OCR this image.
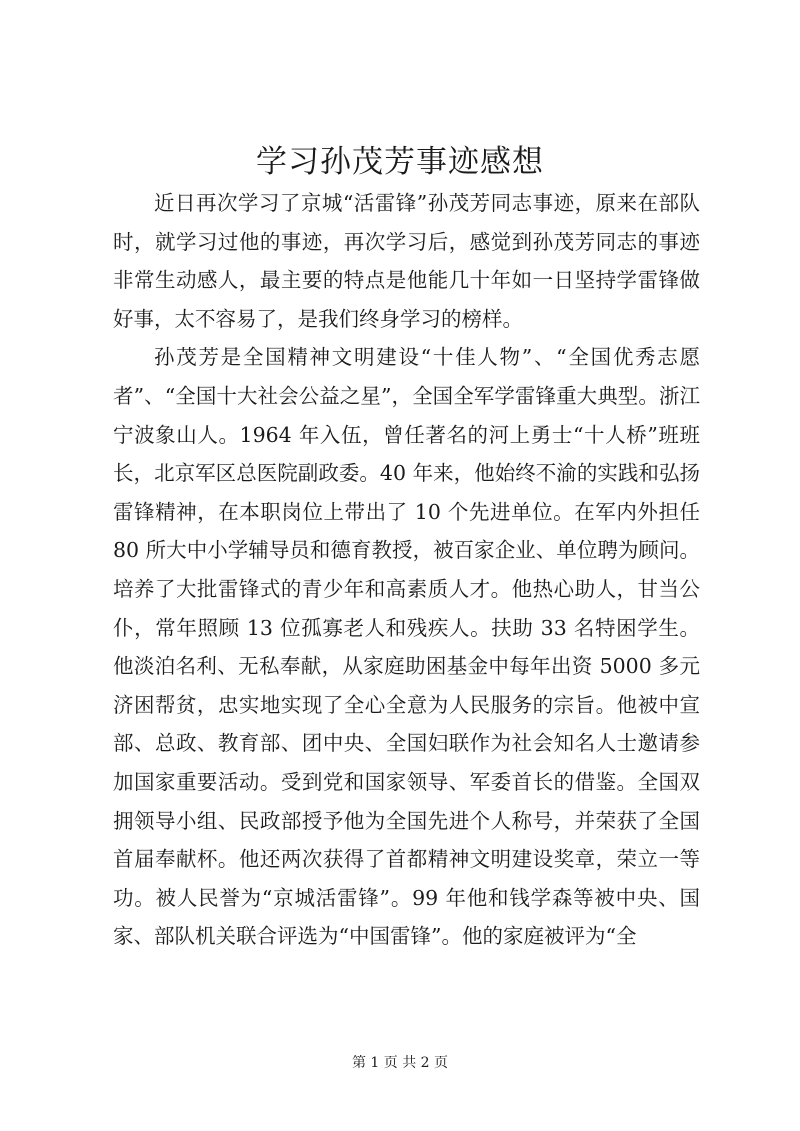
学习孙茂芳事迹感想

近日再次学习了京城“活雷锋”孙茂芳同志事迹，原来在部队时，就学习过他的事迹，再次学习后，感觉到孙茂芳同志的事迹非常生动感人，最主要的特点是他能几十年如一日坚持学雷锋做好事，太不容易了，是我们终身学习的榜样。

孙茂芳是全国精神文明建设“十佳人物”、“全国优秀志愿者”、“全国十大社会公益之星”，全国全军学雷锋重大典型。浙江宁波象山人。1964 年入伍，曾任著名的河上勇士“十人桥”班班长，北京军区总医院副政委。40 年来，他始终不渝的实践和弘扬雷锋精神，在本职岗位上带出了 10 个先进单位。在军内外担任 80 所大中小学辅导员和德育教授，被百家企业、单位聘为顾问。培养了大批雷锋式的青少年和高素质人才。他热心助人，甘当公仆，常年照顾 13 位孤寡老人和残疾人。扶助 33 名特困学生。他淡泊名利、无私奉献，从家庭助困基金中每年出资 5000 多元济困帮贫，忠实地实现了全心全意为人民服务的宗旨。他被中宣部、总政、教育部、团中央、全国妇联作为社会知名人士邀请参加国家重要活动。受到党和国家领导、军委首长的借鉴。全国双拥领导小组、民政部授予他为全国先进个人称号，并荣获了全国首届奉献杯。他还两次获得了首都精神文明建设奖章，荣立一等功。被人民誉为“京城活雷锋”。99 年他和钱学森等被中央、国家、部队机关联合评选为“中国雷锋”。他的家庭被评为“全

第 1 页 共 2 页
